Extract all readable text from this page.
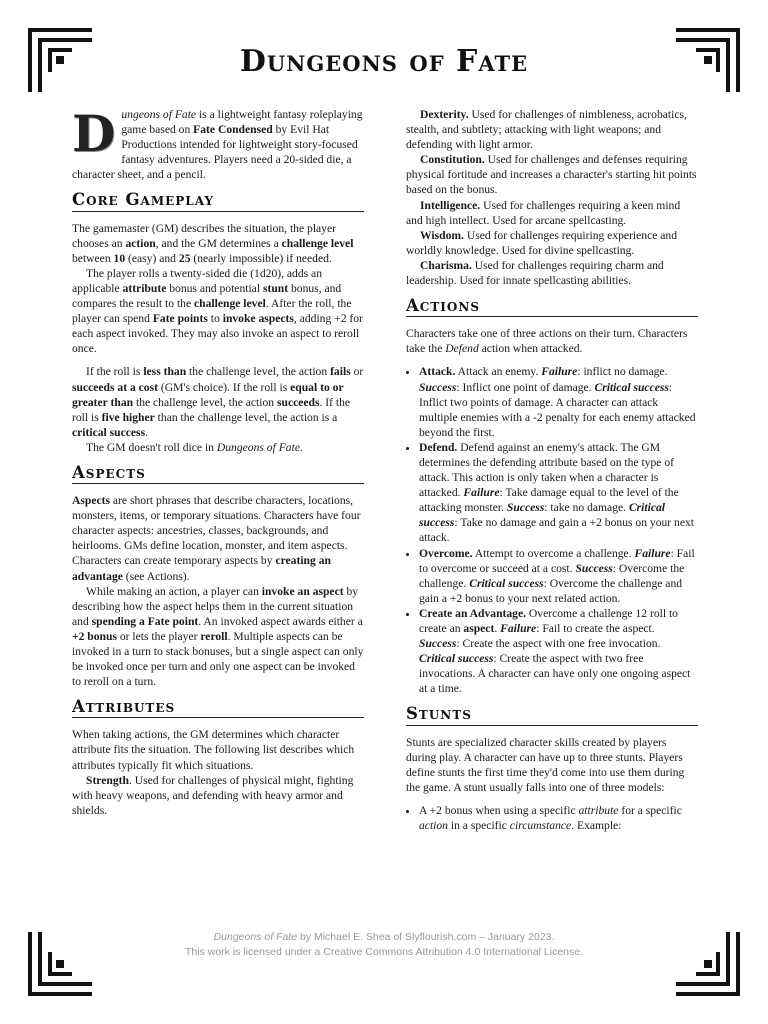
Dungeons of Fate

Dungeons of Fate is a lightweight fantasy roleplaying game based on Fate Condensed by Evil Hat Productions intended for lightweight story-focused fantasy adventures. Players need a 20-sided die, a character sheet, and a pencil.

Core Gameplay

The gamemaster (GM) describes the situation, the player chooses an action, and the GM determines a challenge level between 10 (easy) and 25 (nearly impossible) if needed.

The player rolls a twenty-sided die (1d20), adds an applicable attribute bonus and potential stunt bonus, and compares the result to the challenge level. After the roll, the player can spend Fate points to invoke aspects, adding +2 for each aspect invoked. They may also invoke an aspect to reroll once.

If the roll is less than the challenge level, the action fails or succeeds at a cost (GM's choice). If the roll is equal to or greater than the challenge level, the action succeeds. If the roll is five higher than the challenge level, the action is a critical success.

The GM doesn't roll dice in Dungeons of Fate.

Aspects

Aspects are short phrases that describe characters, locations, monsters, items, or temporary situations. Characters have four character aspects: ancestries, classes, backgrounds, and heirlooms. GMs define location, monster, and item aspects. Characters can create temporary aspects by creating an advantage (see Actions).

While making an action, a player can invoke an aspect by describing how the aspect helps them in the current situation and spending a Fate point. An invoked aspect awards either a +2 bonus or lets the player reroll. Multiple aspects can be invoked in a turn to stack bonuses, but a single aspect can only be invoked once per turn and only one aspect can be invoked to reroll on a turn.

Attributes

When taking actions, the GM determines which character attribute fits the situation. The following list describes which attributes typically fit which situations.

Strength. Used for challenges of physical might, fighting with heavy weapons, and defending with heavy armor and shields.

Dexterity. Used for challenges of nimbleness, acrobatics, stealth, and subtlety; attacking with light weapons; and defending with light armor.

Constitution. Used for challenges and defenses requiring physical fortitude and increases a character's starting hit points based on the bonus.

Intelligence. Used for challenges requiring a keen mind and high intellect. Used for arcane spellcasting.

Wisdom. Used for challenges requiring experience and worldly knowledge. Used for divine spellcasting.

Charisma. Used for challenges requiring charm and leadership. Used for innate spellcasting abilities.

Actions

Characters take one of three actions on their turn. Characters take the Defend action when attacked.

• Attack. Attack an enemy. Failure: inflict no damage. Success: Inflict one point of damage. Critical success: Inflict two points of damage. A character can attack multiple enemies with a -2 penalty for each enemy attacked beyond the first.
• Defend. Defend against an enemy's attack. The GM determines the defending attribute based on the type of attack. This action is only taken when a character is attacked. Failure: Take damage equal to the level of the attacking monster. Success: take no damage. Critical success: Take no damage and gain a +2 bonus on your next attack.
• Overcome. Attempt to overcome a challenge. Failure: Fail to overcome or succeed at a cost. Success: Overcome the challenge. Critical success: Overcome the challenge and gain a +2 bonus to your next related action.
• Create an Advantage. Overcome a challenge 12 roll to create an aspect. Failure: Fail to create the aspect. Success: Create the aspect with one free invocation. Critical success: Create the aspect with two free invocations. A character can have only one ongoing aspect at a time.
Stunts

Stunts are specialized character skills created by players during play. A character can have up to three stunts. Players define stunts the first time they'd come into use them during the game. A stunt usually falls into one of three models:

• A +2 bonus when using a specific attribute for a specific action in a specific circumstance. Example:
Dungeons of Fate by Michael E. Shea of Slyflourish.com – January 2023.
This work is licensed under a Creative Commons Attribution 4.0 International License.
